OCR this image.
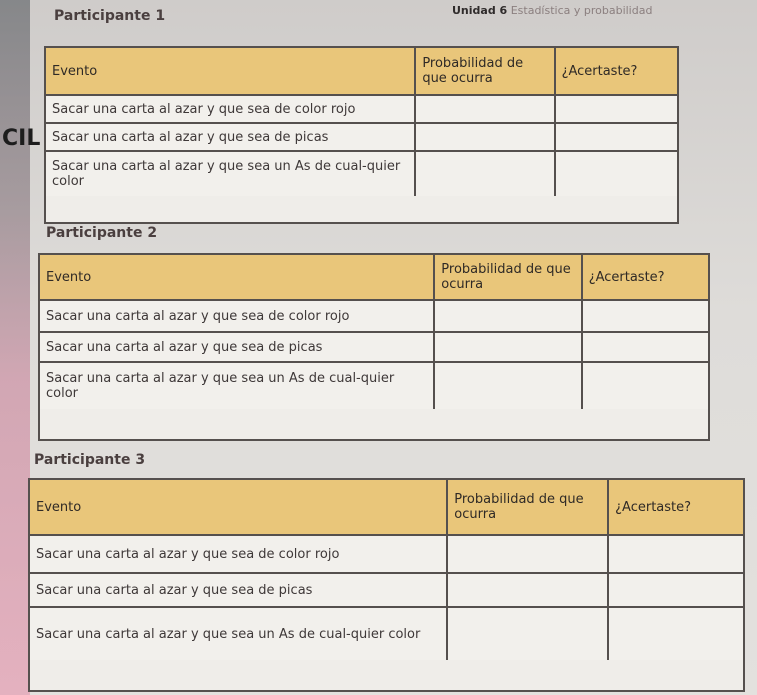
CIL
Participante 1	Unidad 6 Estadística y probabilidad
Evento	Probabilidad de que ocurra	¿Acertaste?
Sacar una carta al azar y que sea de color rojo		
Sacar una carta al azar y que sea de picas		
Sacar una carta al azar y que sea un As de cual-quier color		
Participante 2
Evento	Probabilidad de que ocurra	¿Acertaste?
Sacar una carta al azar y que sea de color rojo		
Sacar una carta al azar y que sea de picas		
Sacar una carta al azar y que sea un As de cual-quier color		
Participante 3
Evento	Probabilidad de que ocurra	¿Acertaste?
Sacar una carta al azar y que sea de color rojo		
Sacar una carta al azar y que sea de picas		
Sacar una carta al azar y que sea un As de cual-quier color		
